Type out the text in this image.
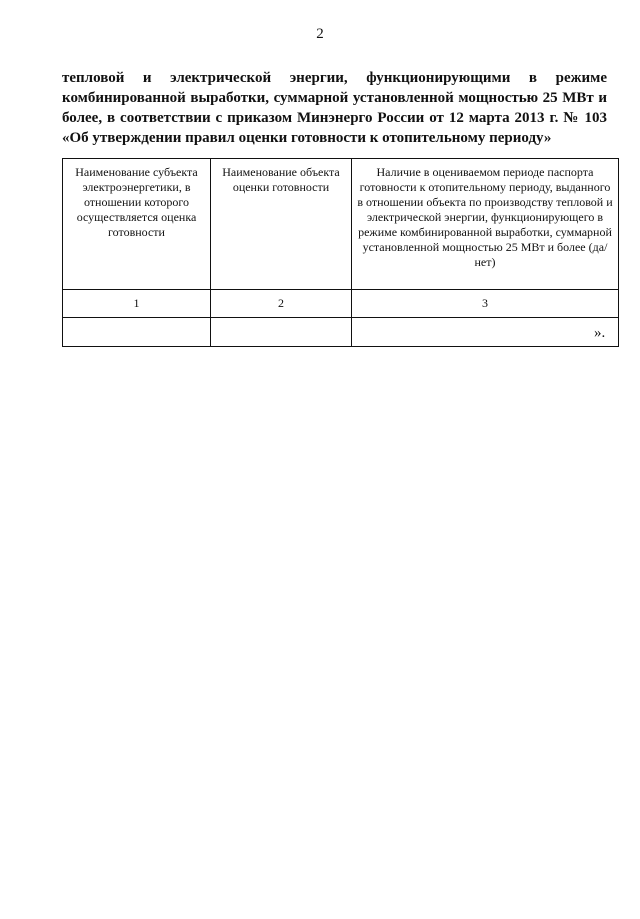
2
тепловой и электрической энергии, функционирующими в режиме комбинированной выработки, суммарной установленной мощностью 25 МВт и более, в соответствии с приказом Минэнерго России от 12 марта 2013 г. № 103 «Об утверждении правил оценки готовности к отопительному периоду»
Наименование субъекта электроэнергетики, в отношении которого осуществляется оценка готовности	Наименование объекта оценки готовности	Наличие в оцениваемом периоде паспорта готовности к отопительному периоду, выданного в отношении объекта по производству тепловой и электрической энергии, функционирующего в режиме комбинированной выработки, суммарной установленной мощностью 25 МВт и более (да/нет)
1	2	3

».
